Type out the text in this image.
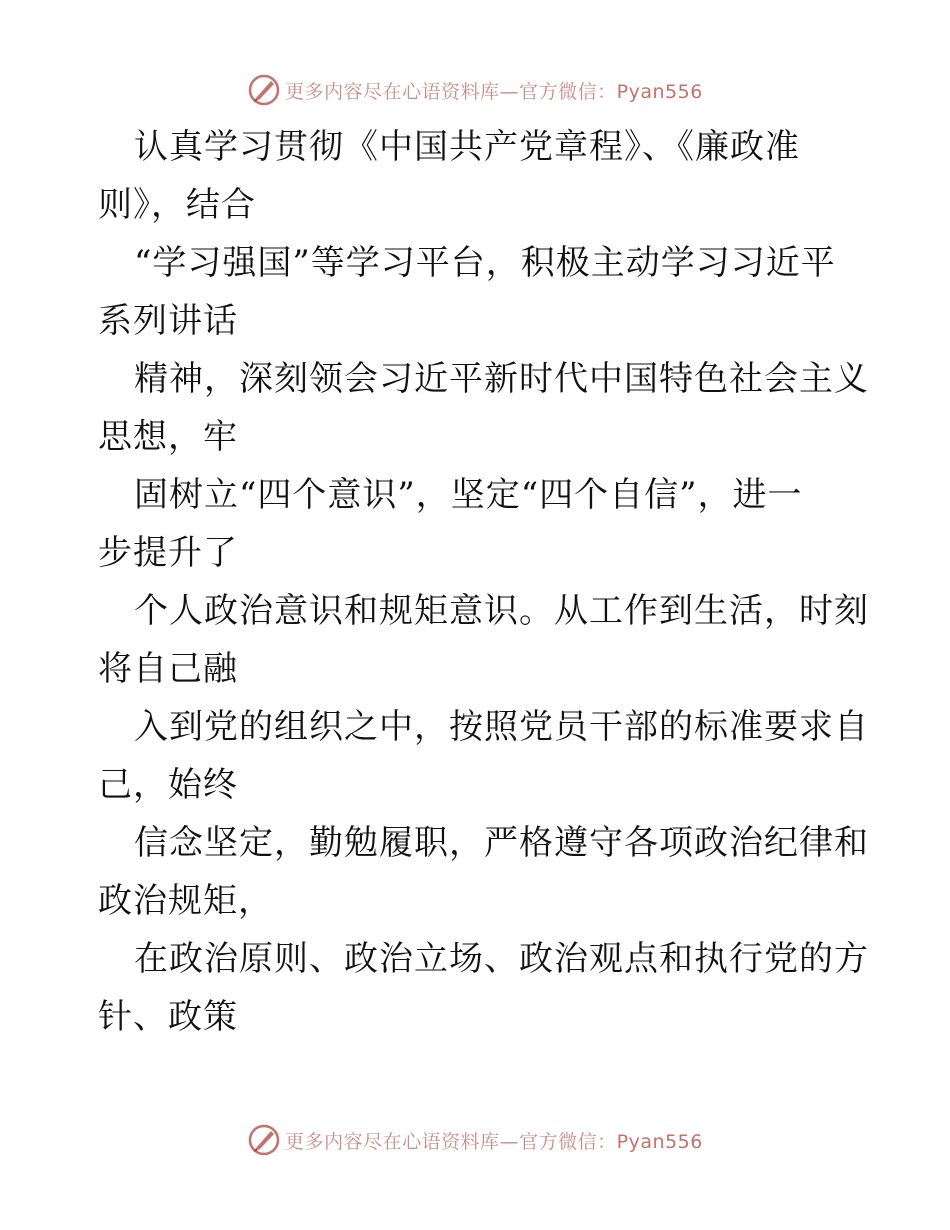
更多内容尽在心语资料库—官方微信：Pyan556
认真学习贯彻《中国共产党章程》、《廉政准
则》，结合
“学习强国”等学习平台，积极主动学习习近平
系列讲话
精神，深刻领会习近平新时代中国特色社会主义
思想，牢
固树立“四个意识”，坚定“四个自信”，进一
步提升了
个人政治意识和规矩意识。从工作到生活，时刻
将自己融
入到党的组织之中，按照党员干部的标准要求自
己，始终
信念坚定，勤勉履职，严格遵守各项政治纪律和
政治规矩，
在政治原则、政治立场、政治观点和执行党的方
针、政策
更多内容尽在心语资料库—官方微信：Pyan556
